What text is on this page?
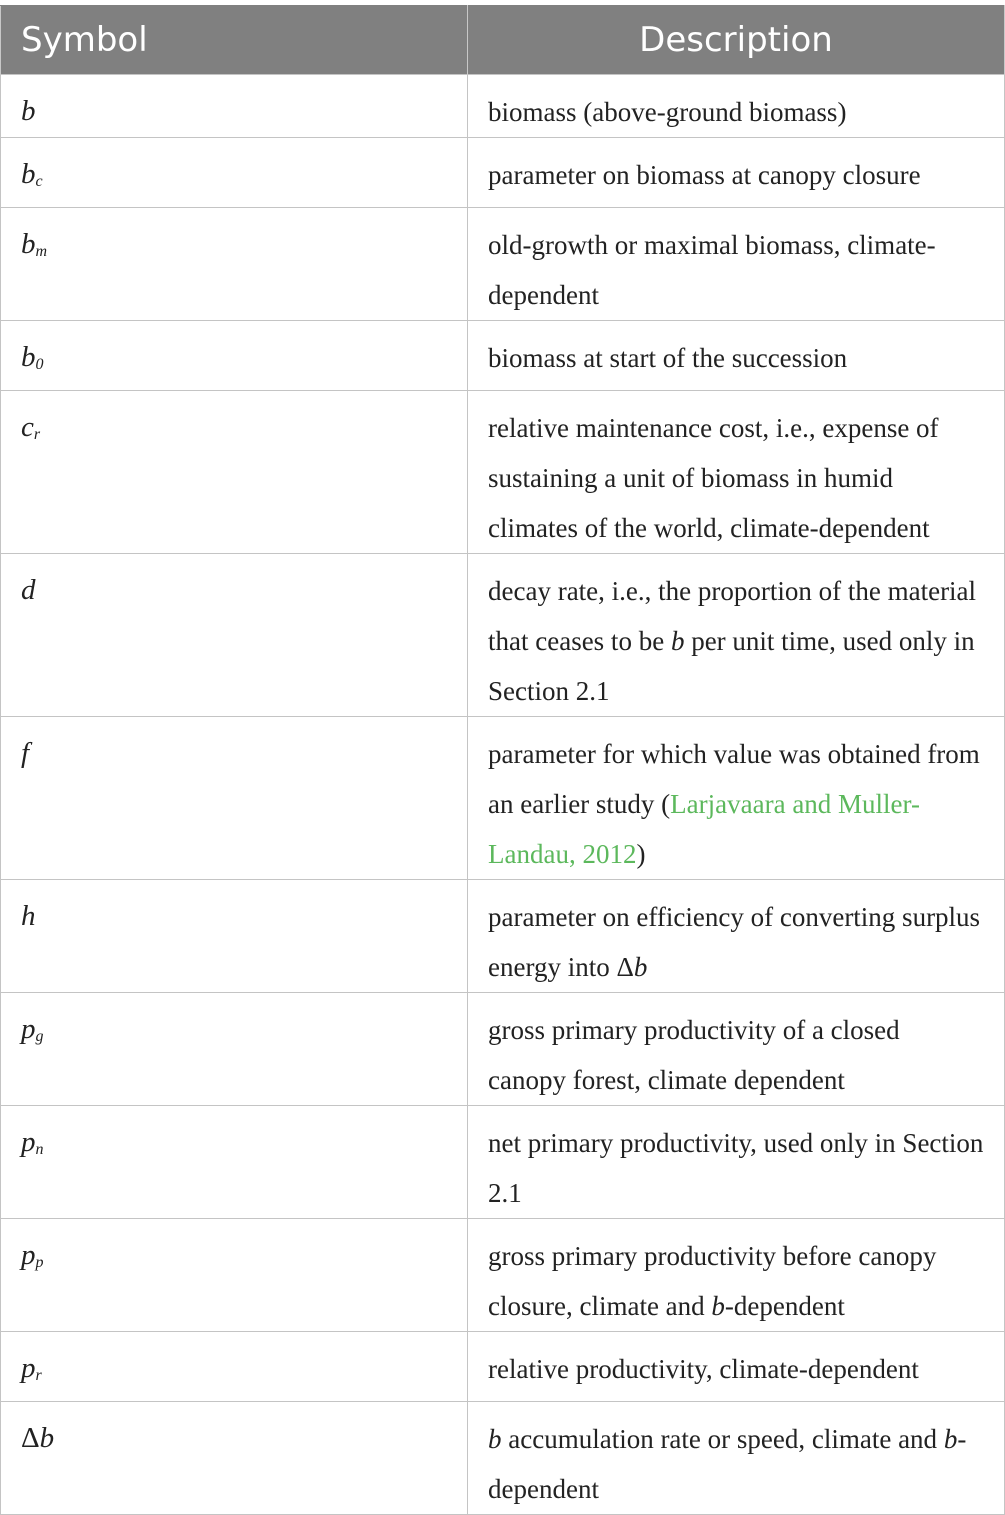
Symbol	Description
b	biomass (above-ground biomass)
$b_c$	parameter on biomass at canopy closure
$b_m$	old-growth or maximal biomass, climate-dependent
$b_0$	biomass at start of the succession
$c_r$	relative maintenance cost, i.e., expense of sustaining a unit of biomass in humid climates of the world, climate-dependent
d	decay rate, i.e., the proportion of the material that ceases to be b per unit time, used only in Section 2.1
f	parameter for which value was obtained from an earlier study (Larjavaara and Muller-Landau, 2012)
h	parameter on efficiency of converting surplus energy into Δb
$p_g$	gross primary productivity of a closed canopy forest, climate dependent
$p_n$	net primary productivity, used only in Section 2.1
$p_p$	gross primary productivity before canopy closure, climate and b-dependent
$p_r$	relative productivity, climate-dependent
Δb	b accumulation rate or speed, climate and b-dependent
